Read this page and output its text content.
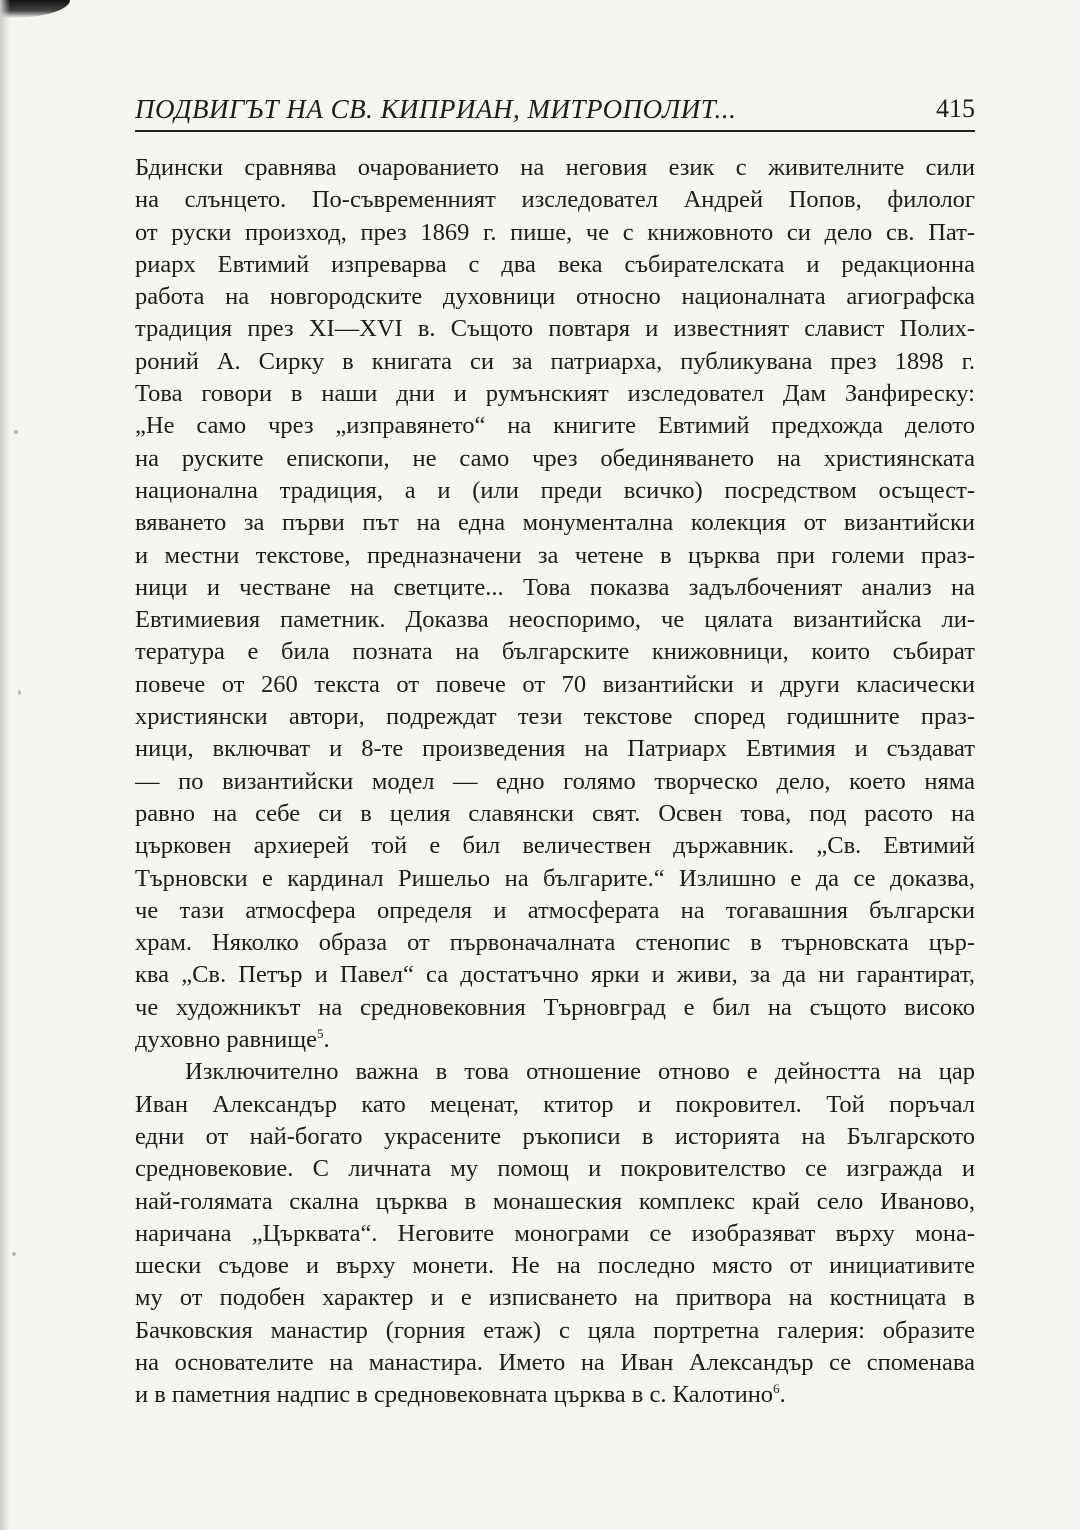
ПОДВИГЪТ НА СВ. КИПРИАН, МИТРОПОЛИТ...	415
Бдински сравнява очарованието на неговия език с живителните сили
на слънцето. По-съвременният изследовател Андрей Попов, филолог
от руски произход, през 1869 г. пише, че с книжовното си дело св. Пат-
риарх Евтимий изпреварва с два века събирателската и редакционна
работа на новгородските духовници относно националната агиографска
традиция през XI—XVI в. Същото повтаря и известният славист Полих-
роний А. Сирку в книгата си за патриарха, публикувана през 1898 г.
Това говори в наши дни и румънският изследовател Дам Занфиреску:
„Не само чрез „изправянето“ на книгите Евтимий предхожда делото
на руските епископи, не само чрез обединяването на християнската
национална традиция, а и (или преди всичко) посредством осъщест-
вяването за първи път на една монументална колекция от византийски
и местни текстове, предназначени за четене в църква при големи праз-
ници и честване на светците... Това показва задълбоченият анализ на
Евтимиевия паметник. Доказва неоспоримо, че цялата византийска ли-
тература е била позната на българските книжовници, които събират
повече от 260 текста от повече от 70 византийски и други класически
християнски автори, подреждат тези текстове според годишните праз-
ници, включват и 8-те произведения на Патриарх Евтимия и създават
— по византийски модел — едно голямо творческо дело, което няма
равно на себе си в целия славянски свят. Освен това, под расото на
църковен архиерей той е бил величествен държавник. „Св. Евтимий
Търновски е кардинал Ришельо на българите.“ Излишно е да се доказва,
че тази атмосфера определя и атмосферата на тогавашния български
храм. Няколко образа от първоначалната стенопис в търновската цър-
ква „Св. Петър и Павел“ са достатъчно ярки и живи, за да ни гарантират,
че художникът на средновековния Търновград е бил на същото високо
духовно равнище$^5$.
Изключително важна в това отношение отново е дейността на цар
Иван Александър като меценат, ктитор и покровител. Той поръчал
едни от най-богато украсените ръкописи в историята на Българското
средновековие. С личната му помощ и покровителство се изгражда и
най-голямата скална църква в монашеския комплекс край село Иваново,
наричана „Църквата“. Неговите монограми се изобразяват върху мона-
шески съдове и върху монети. Не на последно място от инициативите
му от подобен характер и е изписването на притвора на костницата в
Бачковския манастир (горния етаж) с цяла портретна галерия: образите
на основателите на манастира. Името на Иван Александър се споменава
и в паметния надпис в средновековната църква в с. Калотино$^6$.
